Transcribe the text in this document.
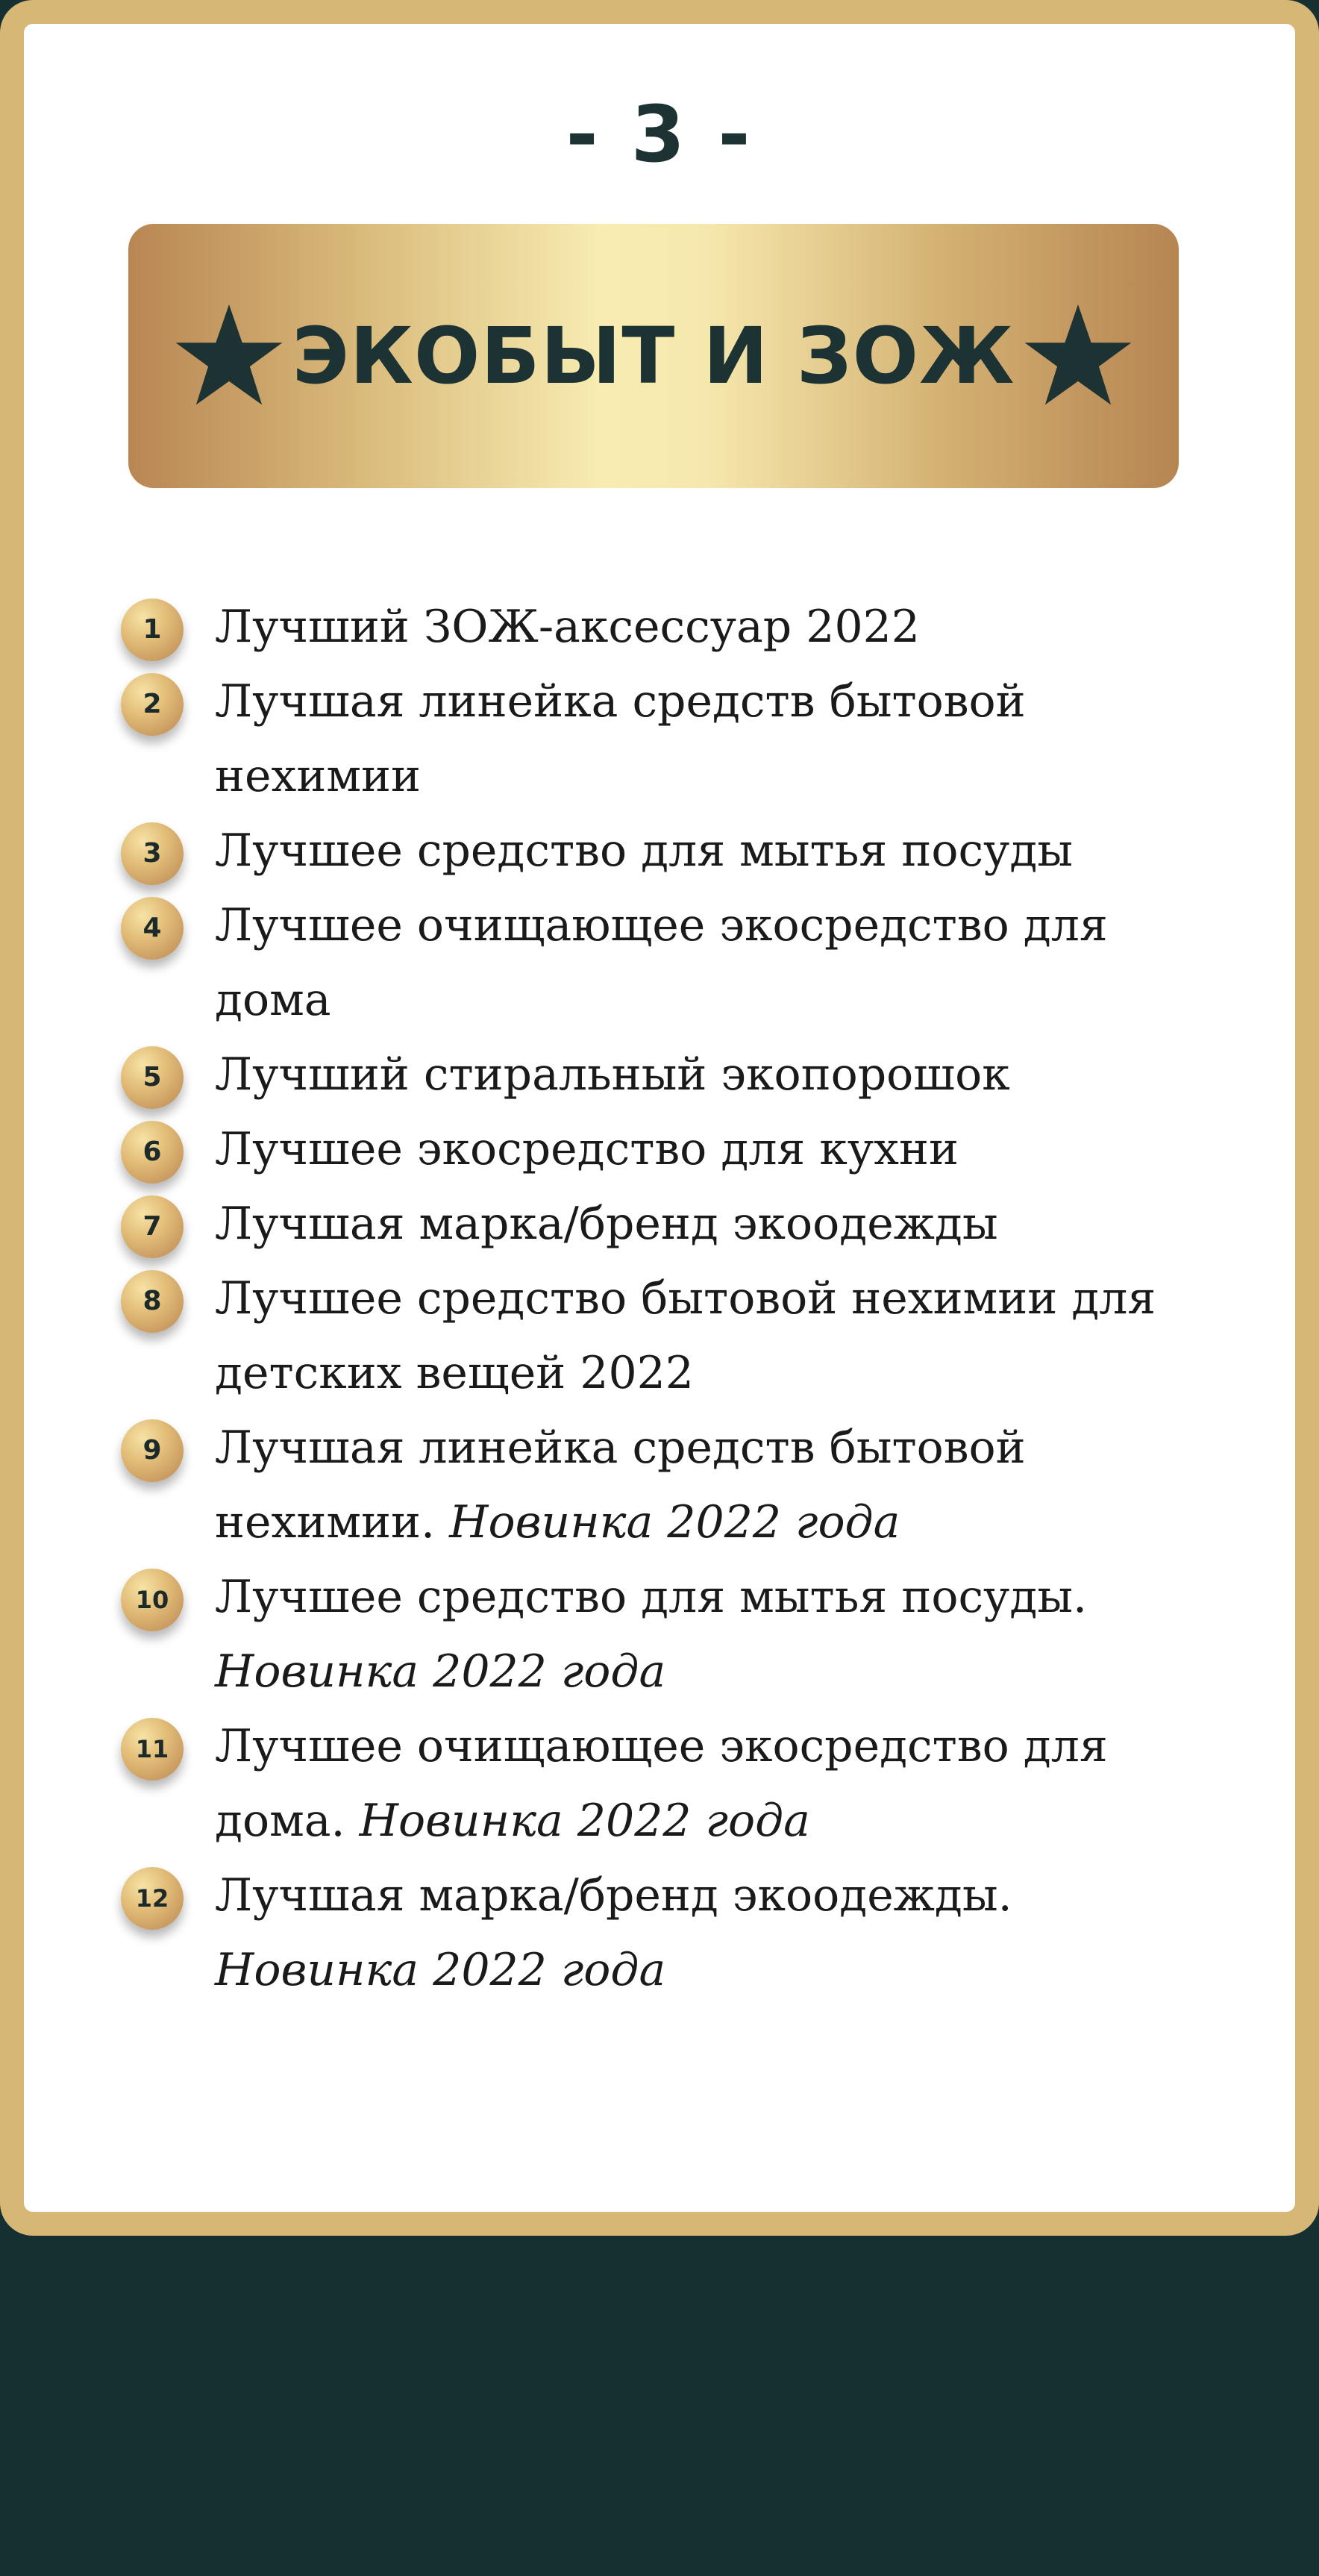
- 3 -
ЭКОБЫТ И ЗОЖ
1	Лучший ЗОЖ-аксессуар 2022
2	Лучшая линейка средств бытовой нехимии
3	Лучшее средство для мытья посуды
4	Лучшее очищающее экосредство для дома
5	Лучший стиральный экопорошок
6	Лучшее экосредство для кухни
7	Лучшая марка/бренд экоодежды
8	Лучшее средство бытовой нехимии для детских вещей 2022
9	Лучшая линейка средств бытовой нехимии. Новинка 2022 года
10	Лучшее средство для мытья посуды. Новинка 2022 года
11	Лучшее очищающее экосредство для дома. Новинка 2022 года
12	Лучшая марка/бренд экоодежды. Новинка 2022 года
